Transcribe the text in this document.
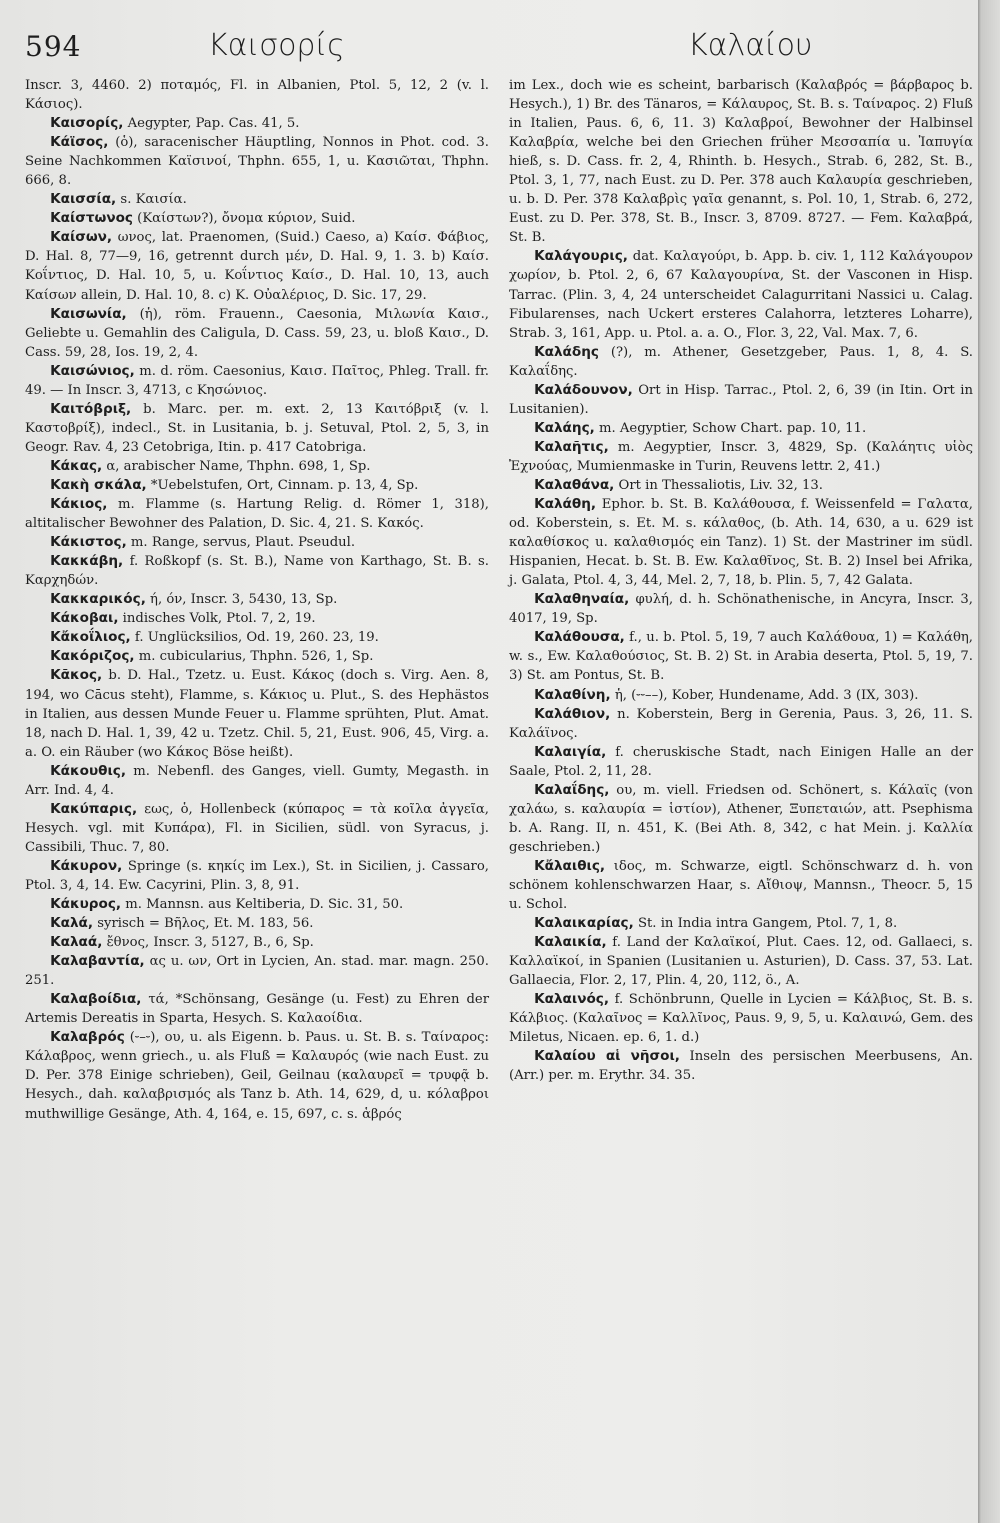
594	Καισορίς	Καλαίου

Inscr. 3, 4460. 2) ποταμός, Fl. in Albanien, Ptol. 5, 12, 2 (v. l. Κάσιος).

Καισορίς, Aegypter, Pap. Cas. 41, 5.

Κάϊσος, (ὁ), saracenischer Häuptling, Nonnos in Phot. cod. 3. Seine Nachkommen Καϊσινοί, Thphn. 655, 1, u. Κασιῶται, Thphn. 666, 8.

Καισσία, s. Καισία.

Καίστωνος (Καίστων?), ὄνομα κύριον, Suid.

Καίσων, ωνος, lat. Praenomen, (Suid.) Caeso, a) Καίσ. Φάβιος, D. Hal. 8, 77—9, 16, getrennt durch μέν, D. Hal. 9, 1. 3. b) Καίσ. Κοΐντιος, D. Hal. 10, 5, u. Κοΐντιος Καίσ., D. Hal. 10, 13, auch Καίσων allein, D. Hal. 10, 8. c) K. Οὐαλέριος, D. Sic. 17, 29.

Καισωνία, (ἡ), röm. Frauenn., Caesonia, Μιλωνία Καισ., Geliebte u. Gemahlin des Caligula, D. Cass. 59, 23, u. bloß Καισ., D. Cass. 59, 28, Ios. 19, 2, 4.

Καισώνιος, m. d. röm. Caesonius, Καισ. Παῖτος, Phleg. Trall. fr. 49. — In Inscr. 3, 4713, c Κησώνιος.

Καιτόβριξ, b. Marc. per. m. ext. 2, 13 Καιτόβριξ (v. l. Καστοβρίξ), indecl., St. in Lusitania, b. j. Setuval, Ptol. 2, 5, 3, in Geogr. Rav. 4, 23 Cetobriga, Itin. p. 417 Catobriga.

Κάκας, α, arabischer Name, Thphn. 698, 1, Sp.

Κακὴ σκάλα, *Uebelstufen, Ort, Cinnam. p. 13, 4, Sp.

Κάκιος, m. Flamme (s. Hartung Relig. d. Römer 1, 318), altitalischer Bewohner des Palation, D. Sic. 4, 21. S. Κακός.

Κάκιστος, m. Range, servus, Plaut. Pseudul.

Κακκάβη, f. Roßkopf (s. St. B.), Name von Karthago, St. B. s. Καρχηδών.

Κακκαρικός, ή, όν, Inscr. 3, 5430, 13, Sp.

Κάκοβαι, indisches Volk, Ptol. 7, 2, 19.

Κἄκοΐλιος, f. Unglücksilios, Od. 19, 260. 23, 19.

Κακόριζος, m. cubicularius, Thphn. 526, 1, Sp.

Κᾶκος, b. D. Hal., Tzetz. u. Eust. Κάκος (doch s. Virg. Aen. 8, 194, wo Cācus steht), Flamme, s. Κάκιος u. Plut., S. des Hephästos in Italien, aus dessen Munde Feuer u. Flamme sprühten, Plut. Amat. 18, nach D. Hal. 1, 39, 42 u. Tzetz. Chil. 5, 21, Eust. 906, 45, Virg. a. a. O. ein Räuber (wo Κάκος Böse heißt).

Κάκουθις, m. Nebenfl. des Ganges, viell. Gumty, Megasth. in Arr. Ind. 4, 4.

Κακύπαρις, εως, ὁ, Hollenbeck (κύπαρος = τὰ κοῖλα ἀγγεῖα, Hesych. vgl. mit Κυπάρα), Fl. in Sicilien, südl. von Syracus, j. Cassibili, Thuc. 7, 80.

Κάκυρον, Springe (s. κηκίς im Lex.), St. in Sicilien, j. Cassaro, Ptol. 3, 4, 14. Ew. Cacyrini, Plin. 3, 8, 91.

Κάκυρος, m. Mannsn. aus Keltiberia, D. Sic. 31, 50.

Καλά, syrisch = Βῆλος, Et. M. 183, 56.

Καλαά, ἔθνος, Inscr. 3, 5127, B., 6, Sp.

Καλαβαντία, ας u. ων, Ort in Lycien, An. stad. mar. magn. 250. 251.

Καλαβοίδια, τά, *Schönsang, Gesänge (u. Fest) zu Ehren der Artemis Dereatis in Sparta, Hesych. S. Καλαοίδια.

Καλαβρός (⏑–⏑), ου, u. als Eigenn. b. Paus. u. St. B. s. Ταίναρος: Κάλαβρος, wenn griech., u. als Fluß = Καλαυρός (wie nach Eust. zu D. Per. 378 Einige schrieben), Geil, Geilnau (καλαυρεῖ = τρυφᾷ b. Hesych., dah. καλαβρισμός als Tanz b. Ath. 14, 629, d, u. κόλαβροι muthwillige Gesänge, Ath. 4, 164, e. 15, 697, c. s. ἁβρός

im Lex., doch wie es scheint, barbarisch (Καλαβρός = βάρβαρος b. Hesych.), 1) Br. des Tänaros, = Κάλαυρος, St. B. s. Ταίναρος. 2) Fluß in Italien, Paus. 6, 6, 11. 3) Καλαβροί, Bewohner der Halbinsel Καλαβρία, welche bei den Griechen früher Μεσσαπία u. Ἰαπυγία hieß, s. D. Cass. fr. 2, 4, Rhinth. b. Hesych., Strab. 6, 282, St. B., Ptol. 3, 1, 77, nach Eust. zu D. Per. 378 auch Καλαυρία geschrieben, u. b. D. Per. 378 Καλαβρὶς γαῖα genannt, s. Pol. 10, 1, Strab. 6, 272, Eust. zu D. Per. 378, St. B., Inscr. 3, 8709. 8727. — Fem. Καλαβρά, St. B.

Καλάγουρις, dat. Καλαγούρι, b. App. b. civ. 1, 112 Καλάγουρον χωρίον, b. Ptol. 2, 6, 67 Καλαγουρίνα, St. der Vasconen in Hisp. Tarrac. (Plin. 3, 4, 24 unterscheidet Calagurritani Nassici u. Calag. Fibularenses, nach Uckert ersteres Calahorra, letzteres Loharre), Strab. 3, 161, App. u. Ptol. a. a. O., Flor. 3, 22, Val. Max. 7, 6.

Καλάδης (?), m. Athener, Gesetzgeber, Paus. 1, 8, 4. S. Καλαΐδης.

Καλάδουνον, Ort in Hisp. Tarrac., Ptol. 2, 6, 39 (in Itin. Ort in Lusitanien).

Καλάης, m. Aegyptier, Schow Chart. pap. 10, 11.

Καλαῆτις, m. Aegyptier, Inscr. 3, 4829, Sp. (Καλάητις υἱὸς Ἐχνούας, Mumienmaske in Turin, Reuvens lettr. 2, 41.)

Καλαθάνα, Ort in Thessaliotis, Liv. 32, 13.

Καλάθη, Ephor. b. St. B. Καλάθουσα, f. Weissenfeld = Γαλατα, od. Koberstein, s. Et. M. s. κάλαθος, (b. Ath. 14, 630, a u. 629 ist καλαθίσκος u. καλαθισμός ein Tanz). 1) St. der Mastriner im südl. Hispanien, Hecat. b. St. B. Ew. Καλαθῖνος, St. B. 2) Insel bei Afrika, j. Galata, Ptol. 4, 3, 44, Mel. 2, 7, 18, b. Plin. 5, 7, 42 Galata.

Καλαθηναία, φυλή, d. h. Schönathenische, in Ancyra, Inscr. 3, 4017, 19, Sp.

Καλάθουσα, f., u. b. Ptol. 5, 19, 7 auch Καλάθουα, 1) = Καλάθη, w. s., Ew. Καλαθούσιος, St. B. 2) St. in Arabia deserta, Ptol. 5, 19, 7. 3) St. am Pontus, St. B.

Καλαθίνη, ἡ, (⏑⏑––), Kober, Hundename, Add. 3 (IX, 303).

Καλάθιον, n. Koberstein, Berg in Gerenia, Paus. 3, 26, 11. S. Καλάϊνος.

Καλαιγία, f. cheruskische Stadt, nach Einigen Halle an der Saale, Ptol. 2, 11, 28.

Καλαΐδης, ου, m. viell. Friedsen od. Schönert, s. Κάλαϊς (von χαλάω, s. καλαυρία = ἱστίον), Athener, Ξυπεταιών, att. Psephisma b. A. Rang. II, n. 451, K. (Bei Ath. 8, 342, c hat Mein. j. Καλλία geschrieben.)

Κἄλαιθις, ιδος, m. Schwarze, eigtl. Schönschwarz d. h. von schönem kohlenschwarzen Haar, s. Αἴθιοψ, Mannsn., Theocr. 5, 15 u. Schol.

Καλαικαρίας, St. in India intra Gangem, Ptol. 7, 1, 8.

Καλαικία, f. Land der Καλαϊκοί, Plut. Caes. 12, od. Gallaeci, s. Καλλαϊκοί, in Spanien (Lusitanien u. Asturien), D. Cass. 37, 53. Lat. Gallaecia, Flor. 2, 17, Plin. 4, 20, 112, ö., A.

Καλαινός, f. Schönbrunn, Quelle in Lycien = Κάλβιος, St. B. s. Κάλβιος. (Καλαῖνος = Καλλῖνος, Paus. 9, 9, 5, u. Καλαινώ, Gem. des Miletus, Nicaen. ep. 6, 1. d.)

Καλαίου αἱ νῆσοι, Inseln des persischen Meerbusens, An. (Arr.) per. m. Erythr. 34. 35.
